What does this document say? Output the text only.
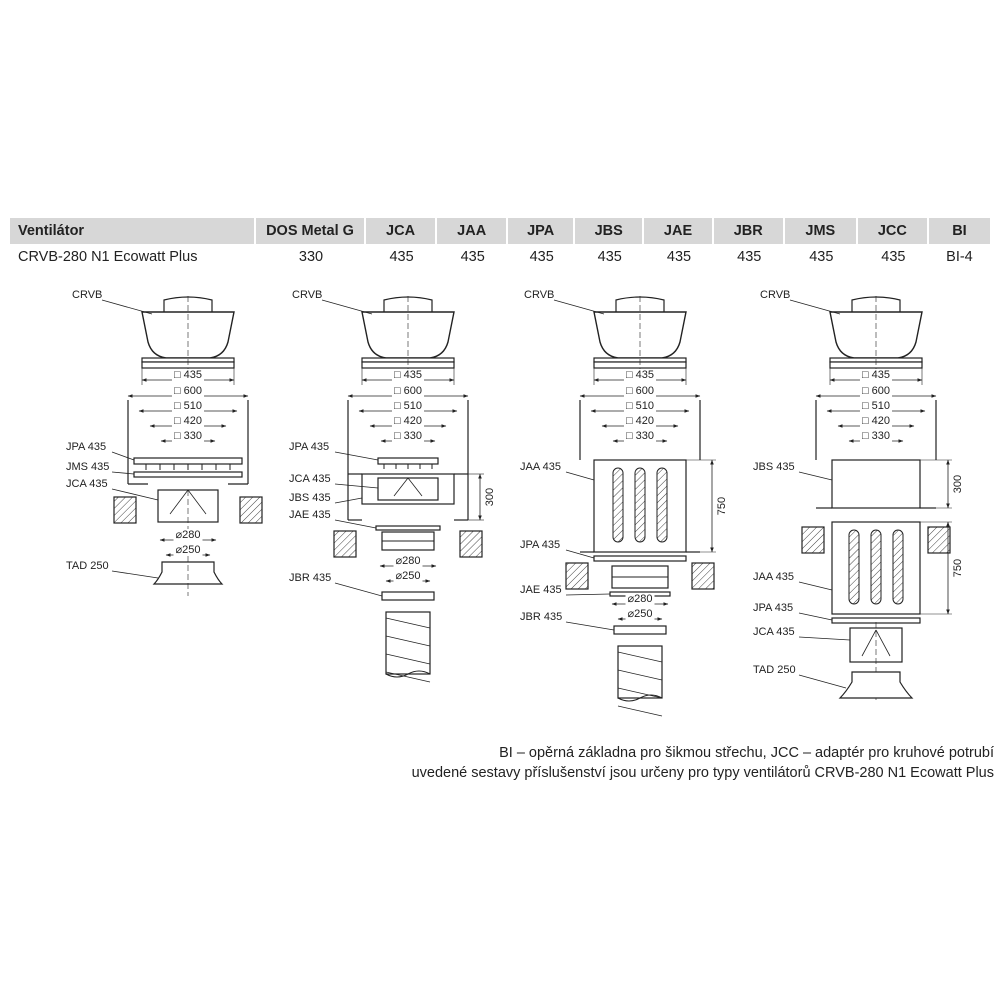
Ventilátor	DOS Metal G	JCA	JAA	JPA	JBS	JAE	JBR	JMS	JCC	BI
CRVB-280 N1 Ecowatt Plus	330	435	435	435	435	435	435	435	435	BI-4
CRVB
□ 435
□ 600
□ 510
□ 420
□ 330
JPA 435
JMS 435
JCA 435
⌀280
⌀250
TAD 250
CRVB
□ 435
□ 600
□ 510
□ 420
□ 330
300
JPA 435
JCA 435
JBS 435
JAE 435
⌀280
⌀250
JBR 435
CRVB
□ 435
□ 600
□ 510
□ 420
□ 330
750
JAA 435
JPA 435
JAE 435
⌀280
⌀250
JBR 435
CRVB
□ 435
□ 600
□ 510
□ 420
□ 330
300
750
JBS 435
JAA 435
JPA 435
JCA 435
TAD 250
BI – opěrná základna pro šikmou střechu, JCC – adaptér pro kruhové potrubí
uvedené sestavy příslušenství jsou určeny pro typy ventilátorů CRVB-280 N1 Ecowatt Plus
